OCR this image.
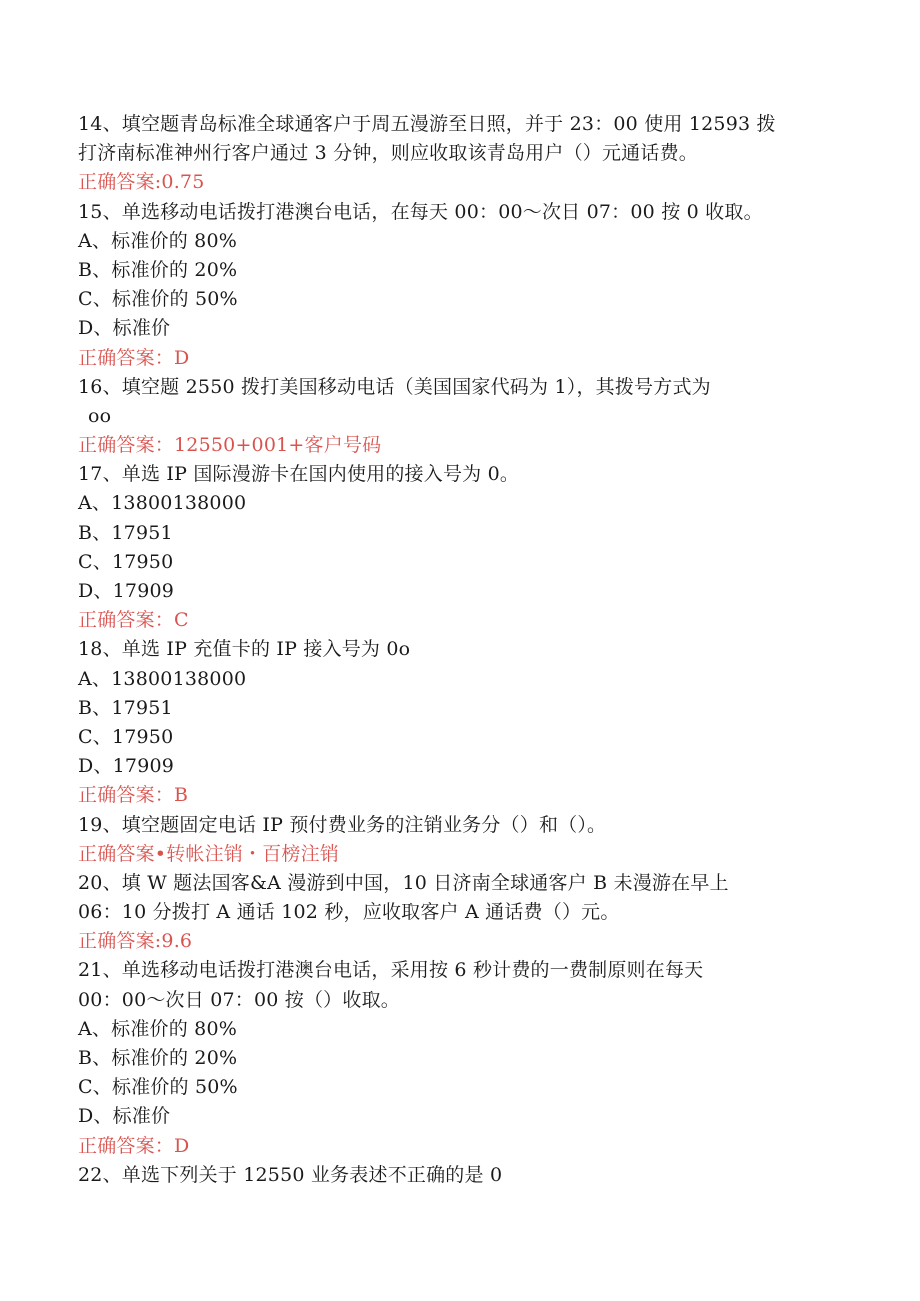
14、填空题青岛标准全球通客户于周五漫游至日照，并于 23：00 使用 12593 拨
打济南标准神州行客户通过 3 分钟，则应收取该青岛用户（）元通话费。
正确答案:0.75
15、单选移动电话拨打港澳台电话，在每天 00：00～次日 07：00 按 0 收取。
A、标准价的 80%
B、标准价的 20%
C、标准价的 50%
D、标准价
正确答案：D
16、填空题 2550 拨打美国移动电话（美国国家代码为 1），其拨号方式为
oo
正确答案：12550+001+客户号码
17、单选 IP 国际漫游卡在国内使用的接入号为 0。
A、13800138000
B、17951
C、17950
D、17909
正确答案：C
18、单选 IP 充值卡的 IP 接入号为 0o
A、13800138000
B、17951
C、17950
D、17909
正确答案：B
19、填空题固定电话 IP 预付费业务的注销业务分（）和（）。
正确答案•转帐注销・百榜注销
20、填 W 题法国客&A 漫游到中国，10 日济南全球通客户 B 未漫游在早上
06：10 分拨打 A 通话 102 秒，应收取客户 A 通话费（）元。
正确答案:9.6
21、单选移动电话拨打港澳台电话，采用按 6 秒计费的一费制原则在每天
00：00～次日 07：00 按（）收取。
A、标准价的 80%
B、标准价的 20%
C、标准价的 50%
D、标准价
正确答案：D
22、单选下列关于 12550 业务表述不正确的是 0
